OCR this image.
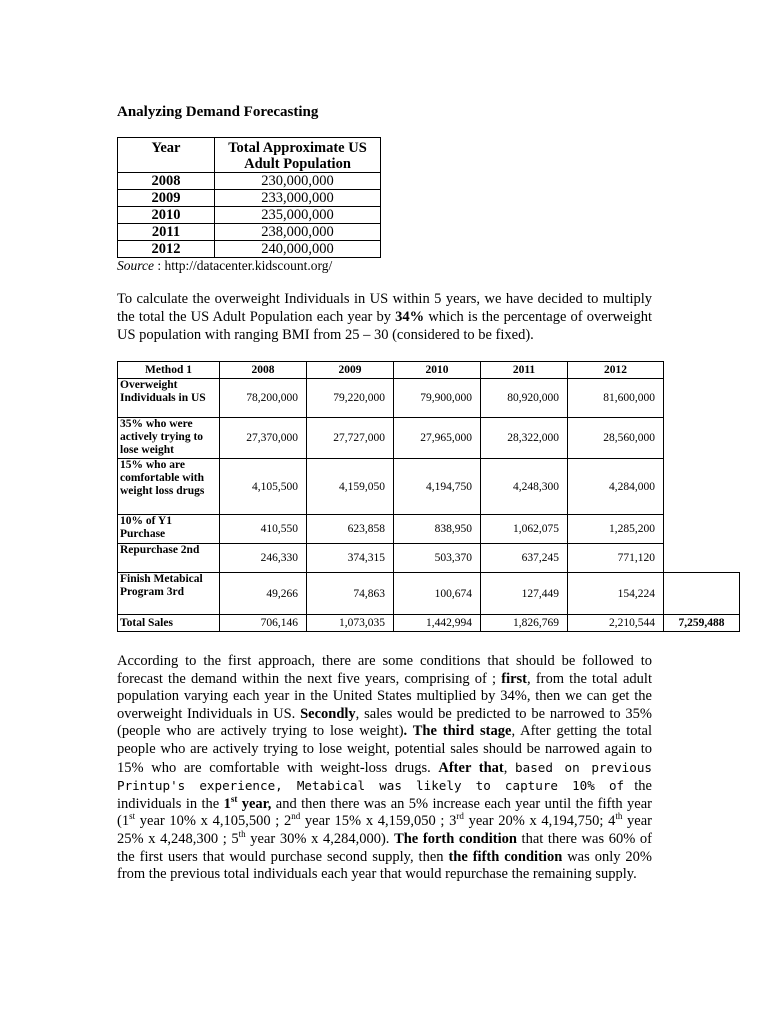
Analyzing Demand Forecasting
Year	Total Approximate US Adult Population
2008	230,000,000
2009	233,000,000
2010	235,000,000
2011	238,000,000
2012	240,000,000
Source : http://datacenter.kidscount.org/

To calculate the overweight Individuals in US within 5 years, we have decided to multiply the total the US Adult Population each year by 34% which is the percentage of overweight US population with ranging BMI from 25 – 30 (considered to be fixed).

Method 1	2008	2009	2010	2011	2012	
Overweight Individuals in US	78,200,000	79,220,000	79,900,000	80,920,000	81,600,000	
35% who were actively trying to lose weight	27,370,000	27,727,000	27,965,000	28,322,000	28,560,000	
15% who are comfortable with weight loss drugs	4,105,500	4,159,050	4,194,750	4,248,300	4,284,000	
10% of Y1 Purchase	410,550	623,858	838,950	1,062,075	1,285,200	
Repurchase 2nd	246,330	374,315	503,370	637,245	771,120	
Finish Metabical Program 3rd	49,266	74,863	100,674	127,449	154,224	
Total Sales	706,146	1,073,035	1,442,994	1,826,769	2,210,544	7,259,488

According to the first approach, there are some conditions that should be followed to forecast the demand within the next five years, comprising of ; first, from the total adult population varying each year in the United States multiplied by 34%, then we can get the overweight Individuals in US. Secondly, sales would be predicted to be narrowed to 35% (people who are actively trying to lose weight). The third stage, After getting the total people who are actively trying to lose weight, potential sales should be narrowed again to 15% who are comfortable with weight-loss drugs. After that, based on previous Printup's experience, Metabical was likely to capture 10% of the individuals in the 1st year, and then there was an 5% increase each year until the fifth year (1st year 10% x 4,105,500 ; 2nd year 15% x 4,159,050 ; 3rd year 20% x 4,194,750; 4th year 25% x 4,248,300 ; 5th year 30% x 4,284,000). The forth condition that there was 60% of the first users that would purchase second supply, then the fifth condition was only 20% from the previous total individuals each year that would repurchase the remaining supply.
